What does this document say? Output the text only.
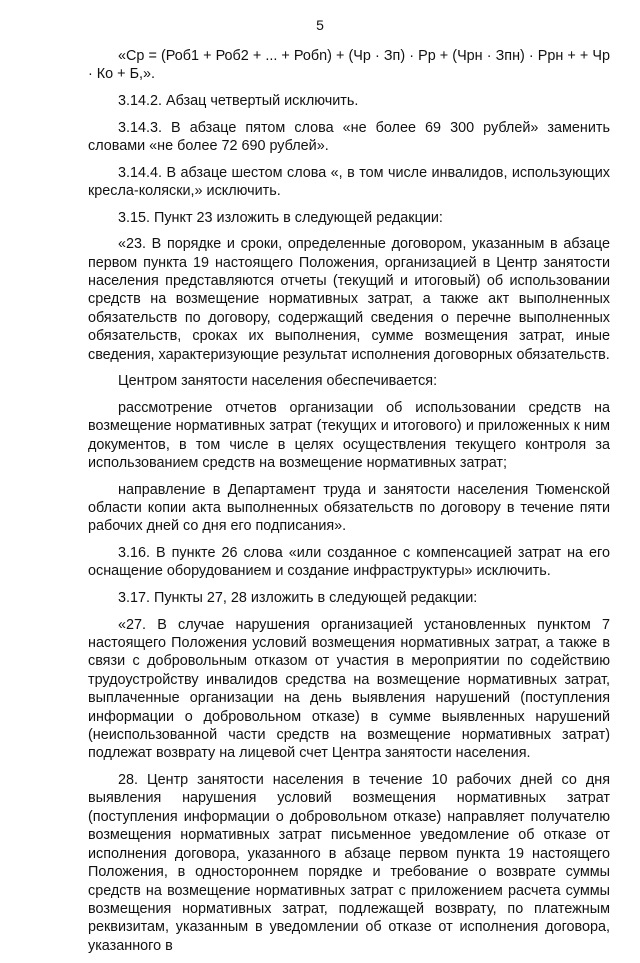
5

«Ср = (Роб1 + Роб2 + ... + Робn) + (Чр · Зп) · Рр + (Чрн · Зпн) · Ррн + + Чр · Ко + Б,».

3.14.2. Абзац четвертый исключить.

3.14.3. В абзаце пятом слова «не более 69 300 рублей» заменить словами «не более 72 690 рублей».

3.14.4. В абзаце шестом слова «, в том числе инвалидов, использующих кресла-коляски,» исключить.

3.15. Пункт 23 изложить в следующей редакции:

«23. В порядке и сроки, определенные договором, указанным в абзаце первом пункта 19 настоящего Положения, организацией в Центр занятости населения представляются отчеты (текущий и итоговый) об использовании средств на возмещение нормативных затрат, а также акт выполненных обязательств по договору, содержащий сведения о перечне выполненных обязательств, сроках их выполнения, сумме возмещения затрат, иные сведения, характеризующие результат исполнения договорных обязательств.

Центром занятости населения обеспечивается:

рассмотрение отчетов организации об использовании средств на возмещение нормативных затрат (текущих и итогового) и приложенных к ним документов, в том числе в целях осуществления текущего контроля за использованием средств на возмещение нормативных затрат;

направление в Департамент труда и занятости населения Тюменской области копии акта выполненных обязательств по договору в течение пяти рабочих дней со дня его подписания».

3.16. В пункте 26 слова «или созданное с компенсацией затрат на его оснащение оборудованием и создание инфраструктуры» исключить.

3.17. Пункты 27, 28 изложить в следующей редакции:

«27. В случае нарушения организацией установленных пунктом 7 настоящего Положения условий возмещения нормативных затрат, а также в связи с добровольным отказом от участия в мероприятии по содействию трудоустройству инвалидов средства на возмещение нормативных затрат, выплаченные организации на день выявления нарушений (поступления информации о добровольном отказе) в сумме выявленных нарушений (неиспользованной части средств на возмещение нормативных затрат) подлежат возврату на лицевой счет Центра занятости населения.

28. Центр занятости населения в течение 10 рабочих дней со дня выявления нарушения условий возмещения нормативных затрат (поступления информации о добровольном отказе) направляет получателю возмещения нормативных затрат письменное уведомление об отказе от исполнения договора, указанного в абзаце первом пункта 19 настоящего Положения, в одностороннем порядке и требование о возврате суммы средств на возмещение нормативных затрат с приложением расчета суммы возмещения нормативных затрат, подлежащей возврату, по платежным реквизитам, указанным в уведомлении об отказе от исполнения договора, указанного в
